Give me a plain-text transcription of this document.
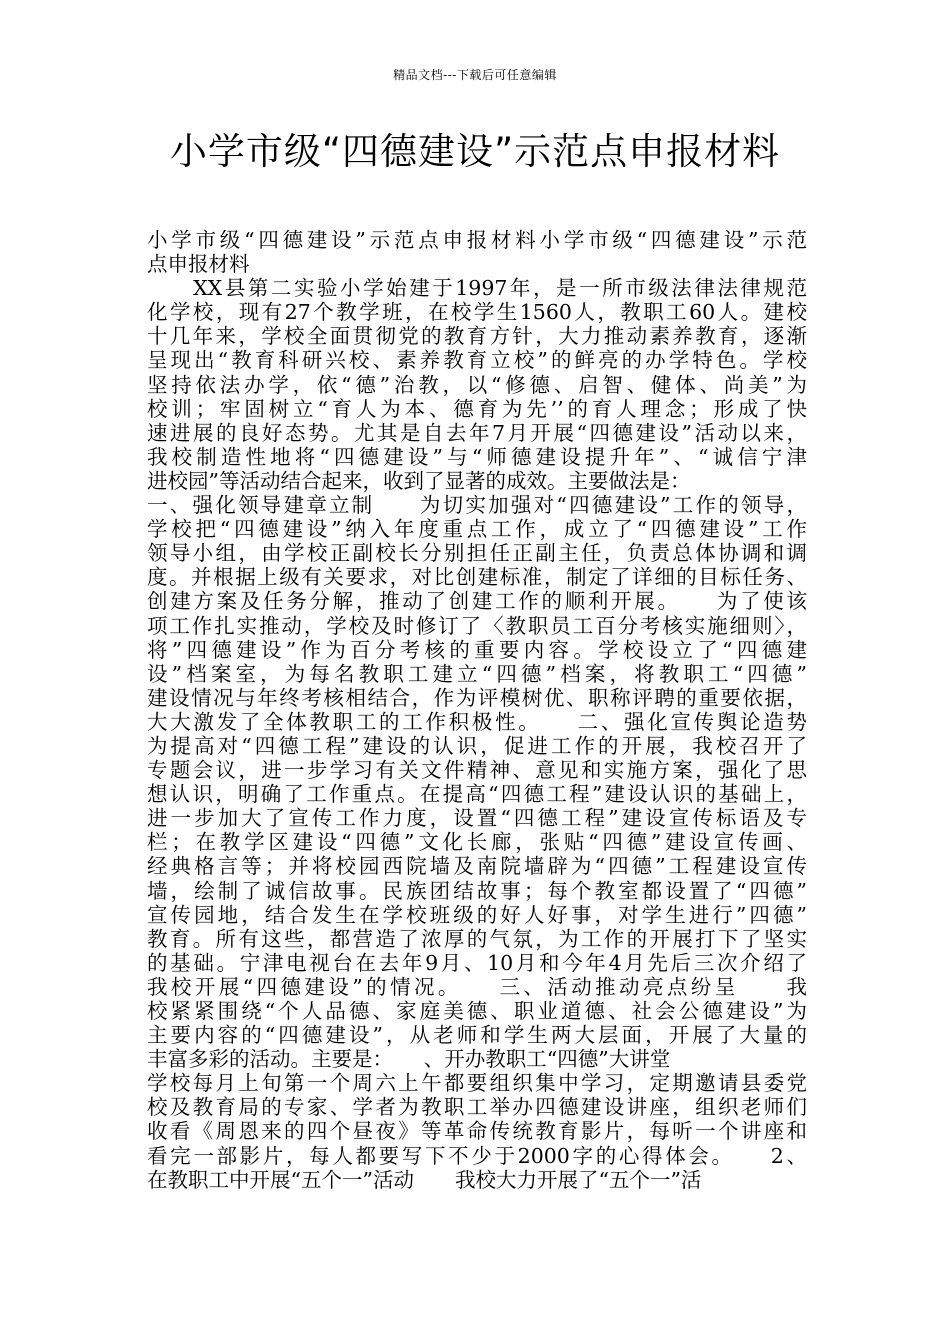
精品文档---下载后可任意编辑
小学市级“四德建设”示范点申报材料
小学市级“四德建设”示范点申报材料小学市级“四德建设”示范
点申报材料
　　XX县第二实验小学始建于1997年，是一所市级法律法律规范
化学校，现有27个教学班，在校学生1560人，教职工60人。建校
十几年来，学校全面贯彻党的教育方针，大力推动素养教育，逐渐
呈现出“教育科研兴校、素养教育立校”的鲜亮的办学特色。学校
坚持依法办学，依“德”治教，以“修德、启智、健体、尚美”为
校训；牢固树立“育人为本、德育为先’’的育人理念；形成了快
速进展的良好态势。尤其是自去年7月开展“四德建设”活动以来，
我校制造性地将“四德建设”与“师德建设提升年”、“诚信宁津
进校园”等活动结合起来，收到了显著的成效。主要做法是：
一、强化领导建章立制　　为切实加强对“四德建设”工作的领导，
学校把“四德建设”纳入年度重点工作，成立了“四德建设”工作
领导小组，由学校正副校长分别担任正副主任，负责总体协调和调
度。并根据上级有关要求，对比创建标准，制定了详细的目标任务、
创建方案及任务分解，推动了创建工作的顺利开展。　　为了使该
项工作扎实推动，学校及时修订了〈教职员工百分考核实施细则〉，
将”四德建设”作为百分考核的重要内容。学校设立了“四德建
设”档案室，为每名教职工建立“四德”档案，将教职工“四德”
建设情况与年终考核相结合，作为评模树优、职称评聘的重要依据，
大大激发了全体教职工的工作积极性。　　二、强化宣传舆论造势
为提高对“四德工程”建设的认识，促进工作的开展，我校召开了
专题会议，进一步学习有关文件精神、意见和实施方案，强化了思
想认识，明确了工作重点。在提高“四德工程”建设认识的基础上，
进一步加大了宣传工作力度，设置“四德工程”建设宣传标语及专
栏；在教学区建设“四德”文化长廊，张贴“四德”建设宣传画、
经典格言等；并将校园西院墙及南院墙辟为“四德”工程建设宣传
墙，绘制了诚信故事。民族团结故事；每个教室都设置了“四德”
宣传园地，结合发生在学校班级的好人好事，对学生进行”四德”
教育。所有这些，都营造了浓厚的气氛，为工作的开展打下了坚实
的基础。宁津电视台在去年9月、10月和今年4月先后三次介绍了
我校开展“四德建设”的情况。　　三、活动推动亮点纷呈　　我
校紧紧围绕“个人品德、家庭美德、职业道德、社会公德建设”为
主要内容的“四德建设”，从老师和学生两大层面，开展了大量的
丰富多彩的活动。主要是：　　、开办教职工“四德”大讲堂
学校每月上旬第一个周六上午都要组织集中学习，定期邀请县委党
校及教育局的专家、学者为教职工举办四德建设讲座，组织老师们
收看《周恩来的四个昼夜》等革命传统教育影片，每听一个讲座和
看完一部影片，每人都要写下不少于2000字的心得体会。　　2、
在教职工中开展“五个一”活动　　我校大力开展了“五个一”活
